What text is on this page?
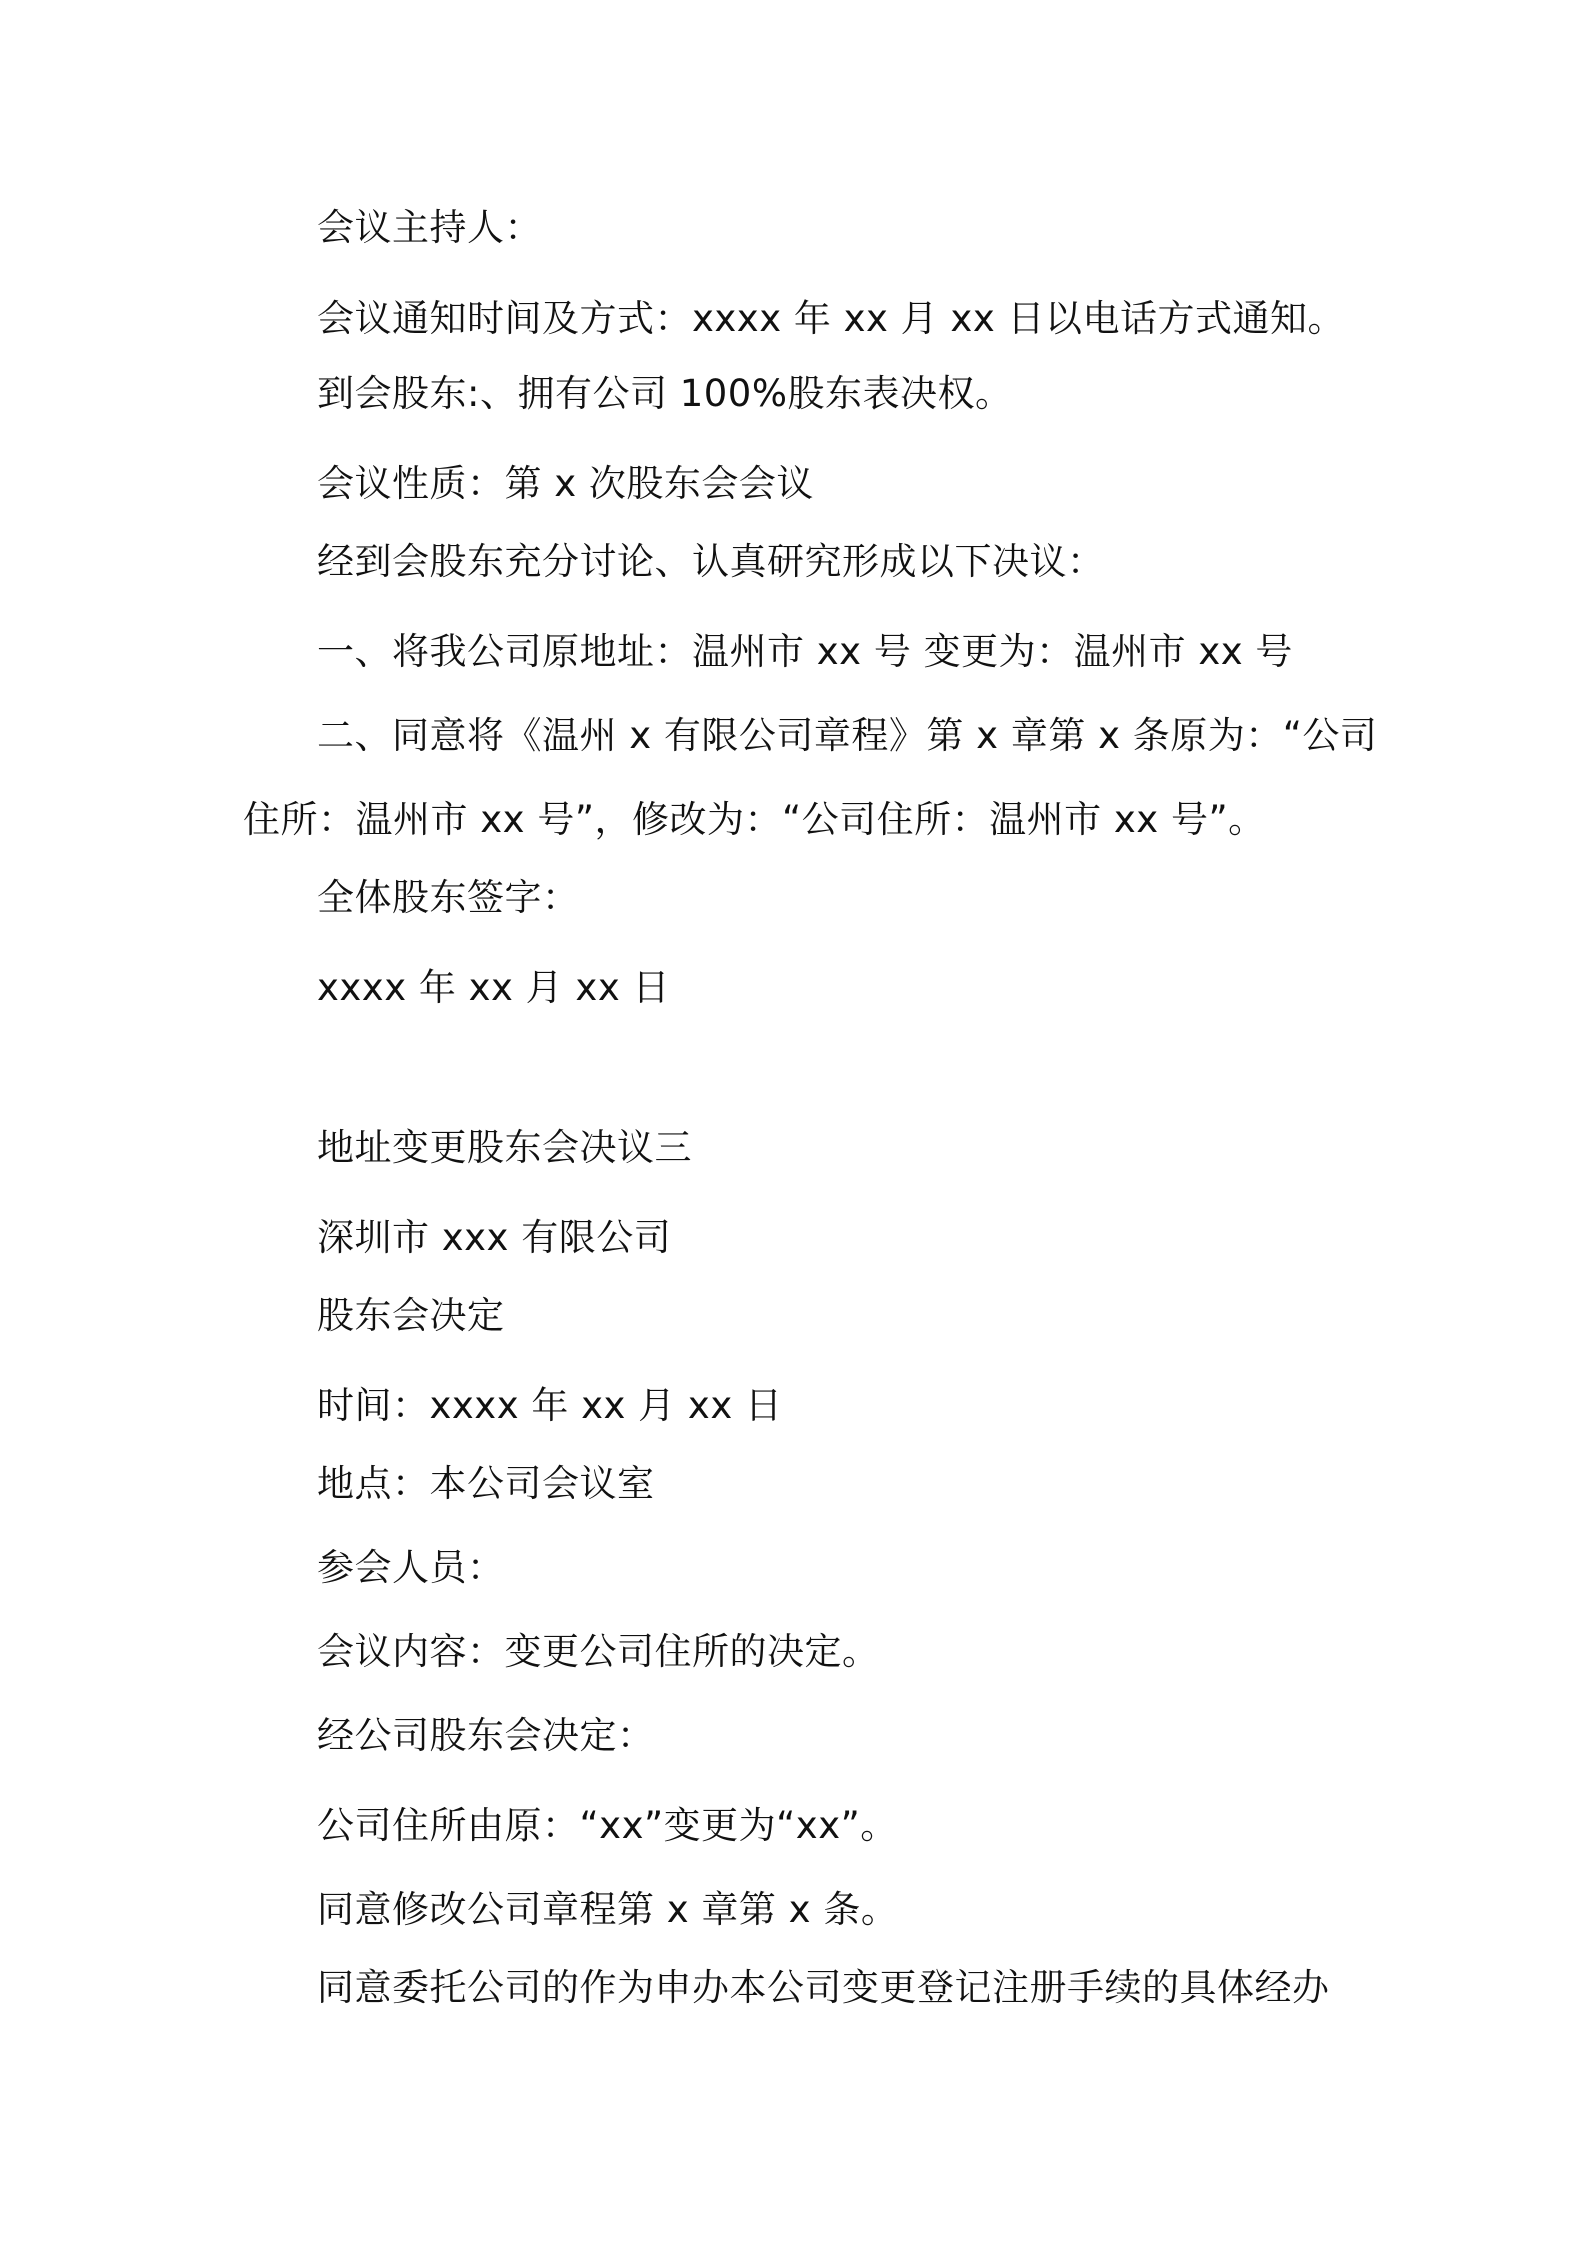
会议主持人：
会议通知时间及方式：xxxx 年 xx 月 xx 日以电话方式通知。
到会股东:、拥有公司 100%股东表决权。
会议性质：第 x 次股东会会议
经到会股东充分讨论、认真研究形成以下决议：
一、将我公司原地址：温州市 xx 号 变更为：温州市 xx 号
二、同意将《温州 x 有限公司章程》第 x 章第 x 条原为：“公司
住所：温州市 xx 号”，修改为：“公司住所：温州市 xx 号”。
全体股东签字：
xxxx 年 xx 月 xx 日
地址变更股东会决议三
深圳市 xxx 有限公司
股东会决定
时间：xxxx 年 xx 月 xx 日
地点：本公司会议室
参会人员：
会议内容：变更公司住所的决定。
经公司股东会决定：
公司住所由原：“xx”变更为“xx”。
同意修改公司章程第 x 章第 x 条。
同意委托公司的作为申办本公司变更登记注册手续的具体经办
